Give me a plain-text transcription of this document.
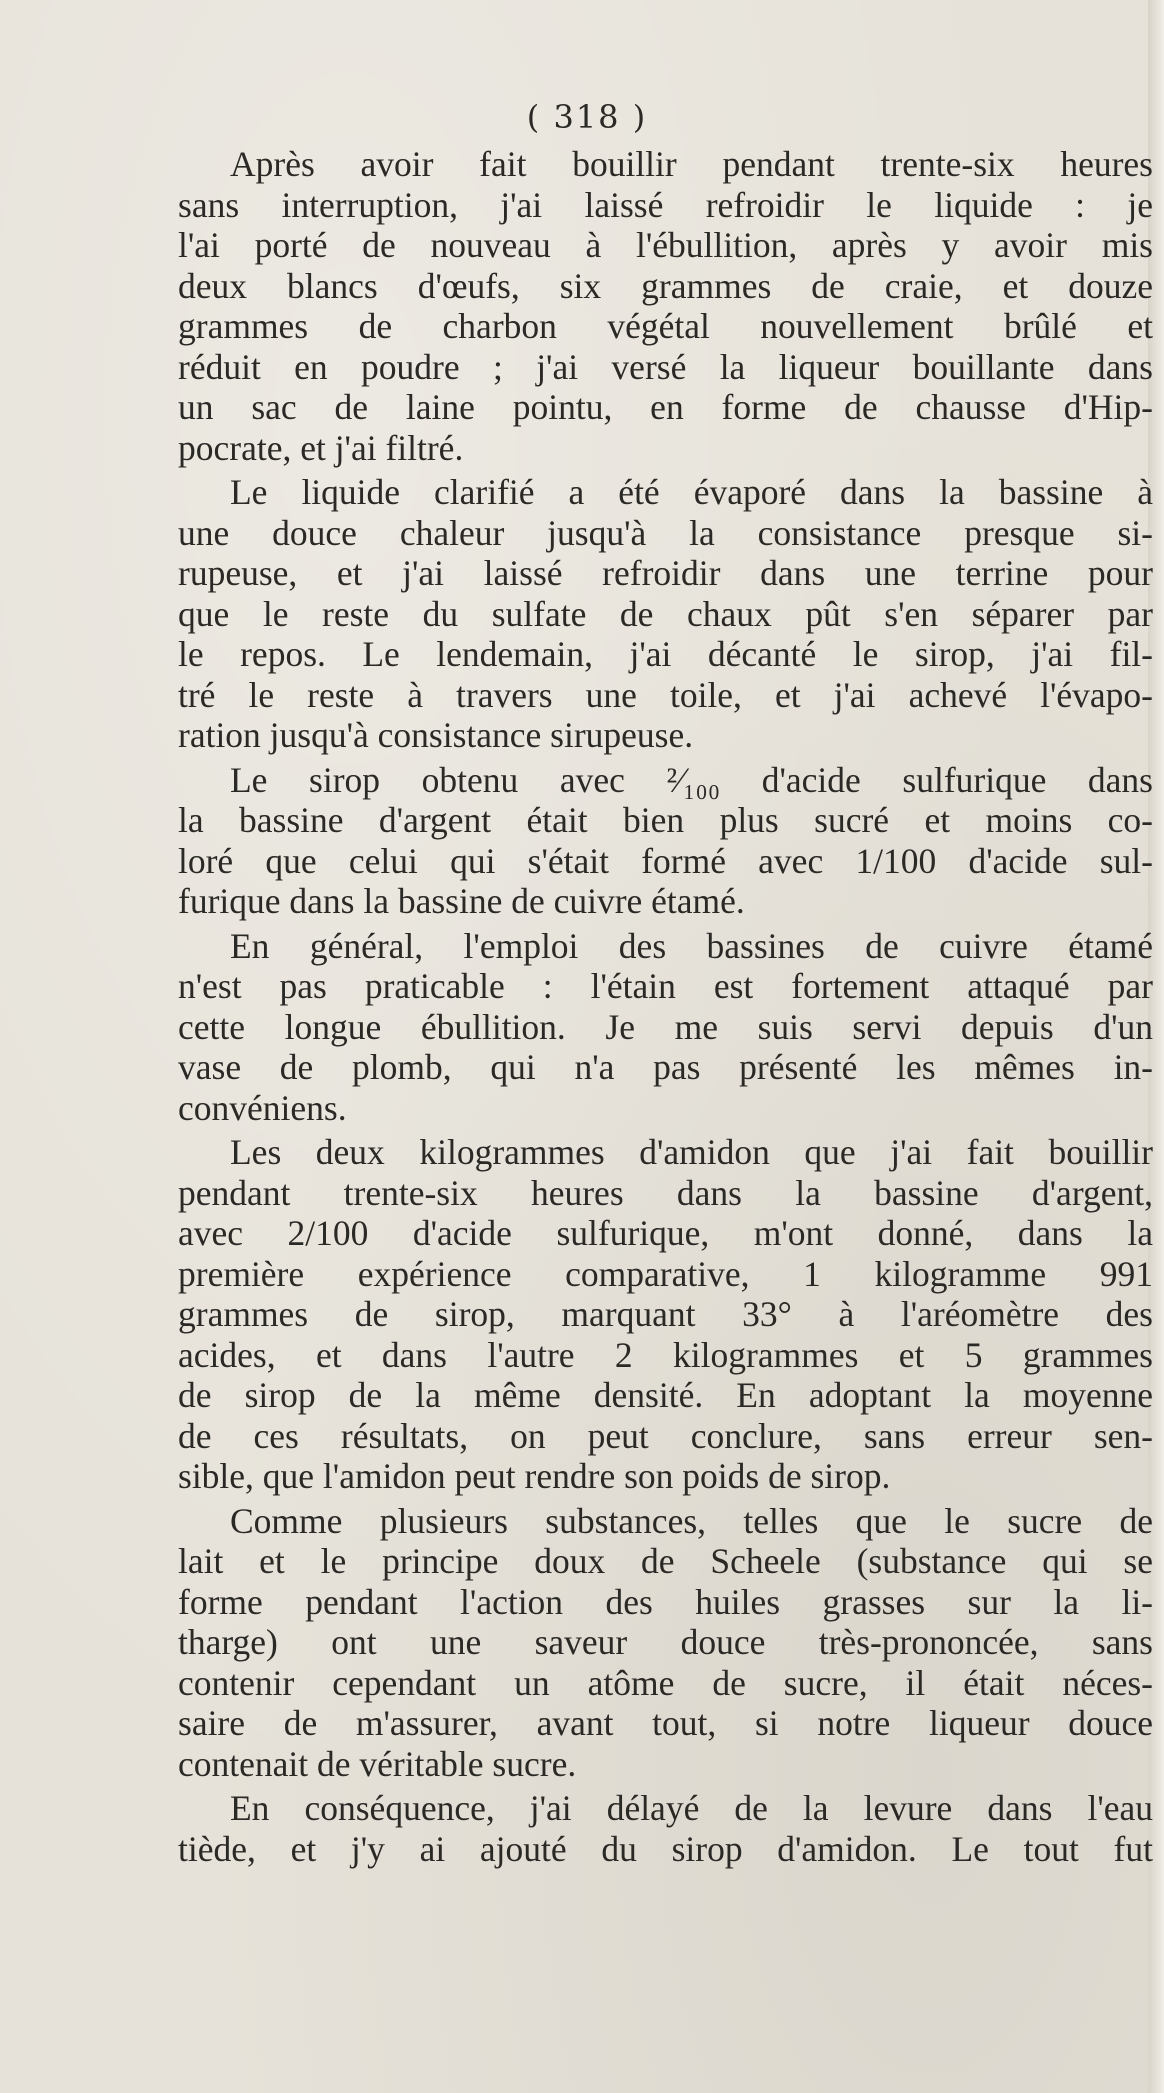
( 318 )
Après avoir fait bouillir pendant trente-six heures
sans interruption, j'ai laissé refroidir le liquide : je
l'ai porté de nouveau à l'ébullition, après y avoir mis
deux blancs d'œufs, six grammes de craie, et douze
grammes de charbon végétal nouvellement brûlé et
réduit en poudre ; j'ai versé la liqueur bouillante dans
un sac de laine pointu, en forme de chausse d'Hip-
pocrate, et j'ai filtré.
Le liquide clarifié a été évaporé dans la bassine à
une douce chaleur jusqu'à la consistance presque si-
rupeuse, et j'ai laissé refroidir dans une terrine pour
que le reste du sulfate de chaux pût s'en séparer par
le repos. Le lendemain, j'ai décanté le sirop, j'ai fil-
tré le reste à travers une toile, et j'ai achevé l'évapo-
ration jusqu'à consistance sirupeuse.
Le sirop obtenu avec ²⁄₁₀₀ d'acide sulfurique dans
la bassine d'argent était bien plus sucré et moins co-
loré que celui qui s'était formé avec 1/100 d'acide sul-
furique dans la bassine de cuivre étamé.
En général, l'emploi des bassines de cuivre étamé
n'est pas praticable : l'étain est fortement attaqué par
cette longue ébullition. Je me suis servi depuis d'un
vase de plomb, qui n'a pas présenté les mêmes in-
convéniens.
Les deux kilogrammes d'amidon que j'ai fait bouillir
pendant trente-six heures dans la bassine d'argent,
avec 2/100 d'acide sulfurique, m'ont donné, dans la
première expérience comparative, 1 kilogramme 991
grammes de sirop, marquant 33° à l'aréomètre des
acides, et dans l'autre 2 kilogrammes et 5 grammes
de sirop de la même densité. En adoptant la moyenne
de ces résultats, on peut conclure, sans erreur sen-
sible, que l'amidon peut rendre son poids de sirop.
Comme plusieurs substances, telles que le sucre de
lait et le principe doux de Scheele (substance qui se
forme pendant l'action des huiles grasses sur la li-
tharge) ont une saveur douce très-prononcée, sans
contenir cependant un atôme de sucre, il était néces-
saire de m'assurer, avant tout, si notre liqueur douce
contenait de véritable sucre.
En conséquence, j'ai délayé de la levure dans l'eau
tiède, et j'y ai ajouté du sirop d'amidon. Le tout fut
